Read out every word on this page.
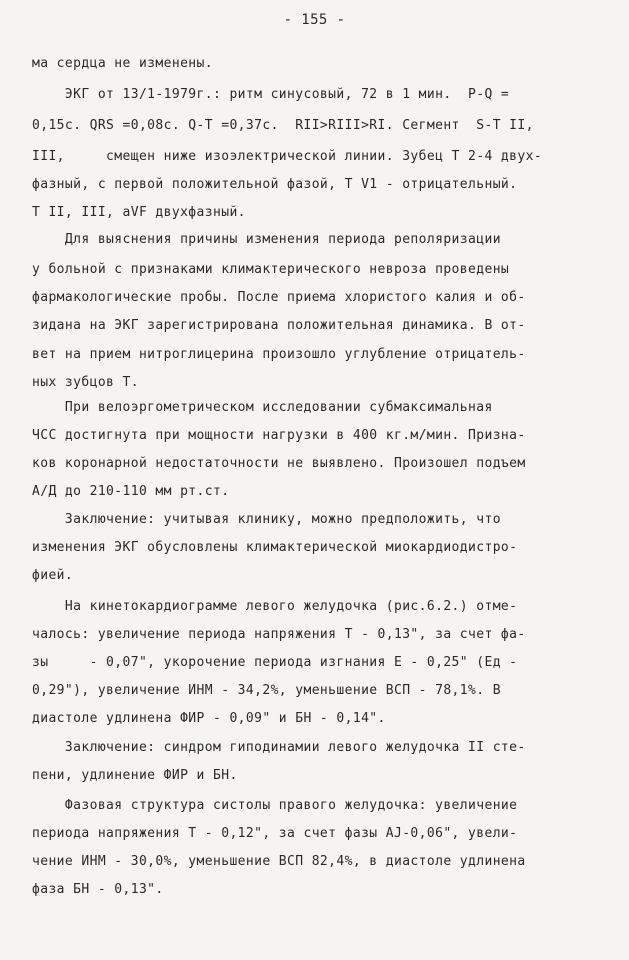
- 155 -
ма сердца не изменены.
ЭКГ от 13/1-1979г.: ритм синусовый, 72 в 1 мин.  P-Q =
0,15с. QRS =0,08с. Q-T =0,37с.  RII>RIII>RI. Сегмент  S-T II,
III,     смещен ниже изоэлектрической линии. Зубец Т 2-4 двух-
фазный, с первой положительной фазой, Т V1 - отрицательный.
Т II, III, aVF двухфазный.
Для выяснения причины изменения периода реполяризации
у больной с признаками климактерического невроза проведены
фармакологические пробы. После приема хлористого калия и об-
зидана на ЭКГ зарегистрирована положительная динамика. В от-
вет на прием нитроглицерина произошло углубление отрицатель-
ных зубцов Т.
При велоэргометрическом исследовании субмаксимальная
ЧСС достигнута при мощности нагрузки в 400 кг.м/мин. Призна-
ков коронарной недостаточности не выявлено. Произошел подъем
А/Д до 210-110 мм рт.ст.
Заключение: учитывая клинику, можно предположить, что
изменения ЭКГ обусловлены климактерической миокардиодистро-
фией.
На кинетокардиограмме левого желудочка (рис.6.2.) отме-
чалось: увеличение периода напряжения Т - 0,13", за счет фа-
зы     - 0,07", укорочение периода изгнания Е - 0,25" (Ед -
0,29"), увеличение ИНМ - 34,2%, уменьшение ВСП - 78,1%. В
диастоле удлинена ФИР - 0,09" и БН - 0,14".
Заключение: синдром гиподинамии левого желудочка II сте-
пени, удлинение ФИР и БН.
Фазовая структура систолы правого желудочка: увеличение
периода напряжения Т - 0,12", за счет фазы АЈ-0,06", увели-
чение ИНМ - 30,0%, уменьшение ВСП 82,4%, в диастоле удлинена
фаза БН - 0,13".
